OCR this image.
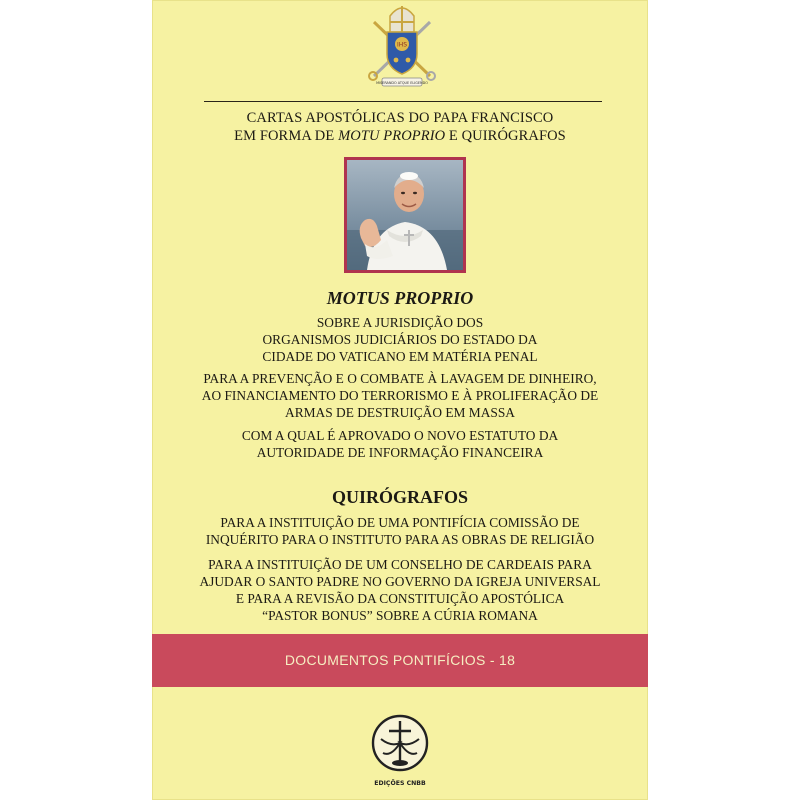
IHS
MISERANDO ATQUE ELIGENDO
CARTAS APOSTÓLICAS DO PAPA FRANCISCO
EM FORMA DE MOTU PROPRIO E QUIRÓGRAFOS
MOTUS PROPRIO
SOBRE A JURISDIÇÃO DOS
ORGANISMOS JUDICIÁRIOS DO ESTADO DA
CIDADE DO VATICANO EM MATÉRIA PENAL
PARA A PREVENÇÃO E O COMBATE À LAVAGEM DE DINHEIRO,
AO FINANCIAMENTO DO TERRORISMO E À PROLIFERAÇÃO DE
ARMAS DE DESTRUIÇÃO EM MASSA
COM A QUAL É APROVADO O NOVO ESTATUTO DA
AUTORIDADE DE INFORMAÇÃO FINANCEIRA
QUIRÓGRAFOS
PARA A INSTITUIÇÃO DE UMA PONTIFÍCIA COMISSÃO DE
INQUÉRITO PARA O INSTITUTO PARA AS OBRAS DE RELIGIÃO
PARA A INSTITUIÇÃO DE UM CONSELHO DE CARDEAIS PARA
AJUDAR O SANTO PADRE NO GOVERNO DA IGREJA UNIVERSAL
E PARA A REVISÃO DA CONSTITUIÇÃO APOSTÓLICA
“PASTOR BONUS” SOBRE A CÚRIA ROMANA
DOCUMENTOS PONTIFÍCIOS - 18
EDIÇÕES CNBB
